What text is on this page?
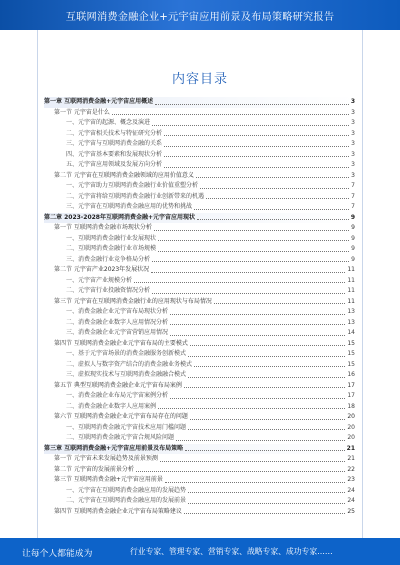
互联网消费金融企业+元宇宙应用前景及布局策略研究报告
内容目录
第一章 互联网消费金融+元宇宙应用概述	3
第一节 元宇宙是什么	3
一、元宇宙的起源、概念及演进	3
二、元宇宙相关技术与特征研究分析	3
三、元宇宙与互联网消费金融的关系	3
四、元宇宙基本要素和发展现状分析	3
五、元宇宙应用领域及发展方向分析	3
第二节 元宇宙在互联网消费金融领域的应用价值意义	3
一、元宇宙助力互联网消费金融行业价值重塑分析	7
二、元宇宙将给互联网消费金融行业创新带来的机遇	7
三、元宇宙在互联网消费金融应用的优势和挑战	7
第二章 2023-2028年互联网消费金融+元宇宙应用现状	9
第一节 互联网消费金融市场现状分析	9
一、互联网消费金融行业发展现状	9
二、互联网消费金融行业市场规模	9
三、消费金融行业竞争格局分析	9
第二节 元宇宙产业2023年发展状况	11
一、元宇宙产业规模分析	11
二、元宇宙行业投融资情况分析	11
第三节 元宇宙在互联网消费金融行业的应用现状与布局情况	11
一、消费金融企业元宇宙布局现状分析	13
二、消费金融企业数字人应用情况分析	13
三、消费金融企业元宇宙营销应用情况	14
第四节 互联网消费金融企业元宇宙布局的主要模式	15
一、基于元宇宙场景的消费金融服务创新模式	15
二、虚拟人与数字资产结合的消费金融业务模式	15
三、虚拟现实技术与互联网消费金融融合模式	16
第五节 典型互联网消费金融企业元宇宙布局案例	17
一、消费金融企业布局元宇宙案例分析	17
二、消费金融企业数字人应用案例	18
第六节 互联网消费金融企业元宇宙布局存在的问题	20
一、互联网消费金融元宇宙技术应用门槛问题	20
二、互联网消费金融元宇宙合规风险问题	20
第三章 互联网消费金融+元宇宙应用前景及布局策略	21
第一节 元宇宙未来发展趋势及前景预测	21
第二节 元宇宙的发展前景分析	22
第三节 互联网消费金融+元宇宙应用前景	23
一、元宇宙在互联网消费金融应用的发展趋势	24
二、元宇宙在互联网消费金融应用的发展前景	24
第四节 互联网消费金融企业元宇宙布局策略建议	25
让每个人都能成为	行业专家、管理专家、营销专家、战略专家、成功专家……
